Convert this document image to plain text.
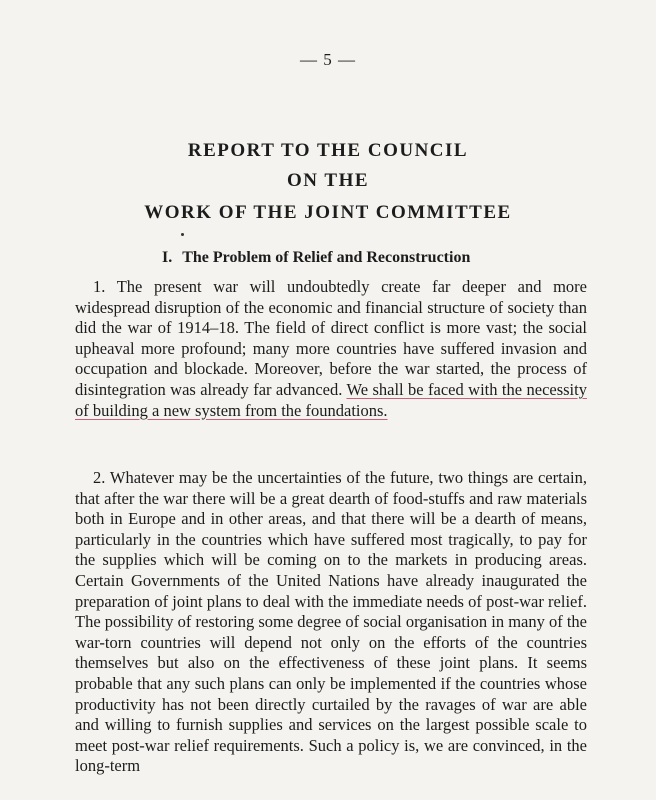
— 5 —
REPORT TO THE COUNCIL
ON THE
WORK OF THE JOINT COMMITTEE
I. The Problem of Relief and Reconstruction

1. The present war will undoubtedly create far deeper and more widespread disruption of the economic and financial structure of society than did the war of 1914–18. The field of direct conflict is more vast; the social upheaval more profound; many more countries have suffered invasion and occupation and blockade. Moreover, before the war started, the process of disintegration was already far advanced. We shall be faced with the necessity of building a new system from the foundations.

2. Whatever may be the uncertainties of the future, two things are certain, that after the war there will be a great dearth of food-stuffs and raw materials both in Europe and in other areas, and that there will be a dearth of means, particularly in the countries which have suffered most tragically, to pay for the supplies which will be coming on to the markets in producing areas. Certain Governments of the United Nations have already inaugurated the preparation of joint plans to deal with the immediate needs of post-war relief. The possibility of restoring some degree of social organisation in many of the war-torn countries will depend not only on the efforts of the countries themselves but also on the effectiveness of these joint plans. It seems probable that any such plans can only be implemented if the countries whose productivity has not been directly curtailed by the ravages of war are able and willing to furnish supplies and services on the largest possible scale to meet post-war relief requirements. Such a policy is, we are convinced, in the long-term
